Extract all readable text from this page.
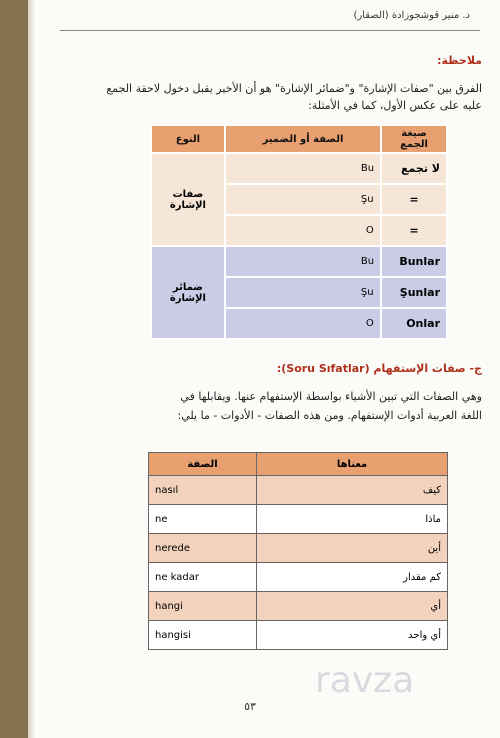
د. منير قوشجوزادة (الصقار)
ملاحظة:
الفرق بين "صفات الإشارة" و"ضمائر الإشارة" هو أن الأخير يقبل دخول لاحقة الجمع عليه على عكس الأول، كما في الأمثلة:
النوع	الصفة أو الضمير	صيغة الجمع
صفات الإشارة	Bu	لا تجمع
	Şu	=
	O	=
ضمائر الإشارة	Bu	Bunlar
	Şu	Şunlar
	O	Onlar
ج- صفات الإستفهام (Soru Sıfatlar):
وهي الصفات التي تبين الأشياء بواسطة الإستفهام عنها. ويقابلها في
اللغة العربية أدوات الإستفهام. ومن هذه الصفات - الأدوات - ما يلي:
الصفة	معناها
nasıl	كيف
ne	ماذا
nerede	أين
ne kadar	كم مقدار
hangi	أي
hangisi	أي واحد
ravza
٥٣
